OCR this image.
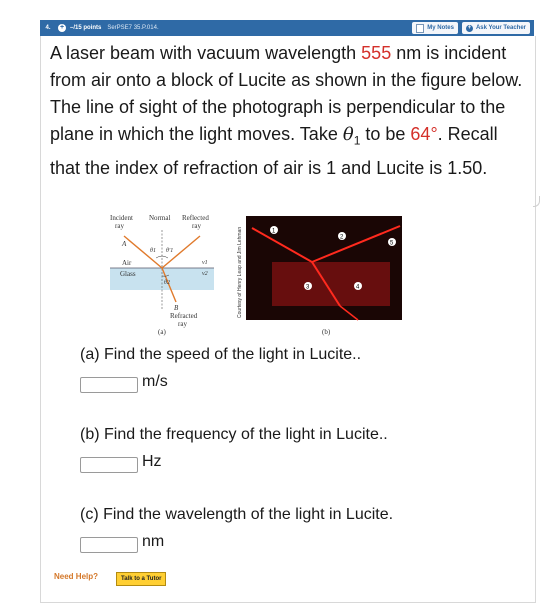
4.	+ –/15 points SerPSE7 35.P.014.	My Notes + Ask Your Teacher

A laser beam with vacuum wavelength 555 nm is incident from air onto a block of Lucite as shown in the figure below. The line of sight of the photograph is perpendicular to the plane in which the light moves. Take $\theta_1$ to be 64°. Recall that the index of refraction of air is 1 and Lucite is 1.50.

Incident
ray
Normal Reflected
ray
A
θ1 θ′1
v1
v2
Air
Glass
θ2
B
Refracted
ray
(a)
1
2
3	4
5
(b)
Courtesy of Henry Leap and Jim Lehman
(a) Find the speed of the light in Lucite..
m/s
(b) Find the frequency of the light in Lucite..
Hz
(c) Find the wavelength of the light in Lucite.
nm
Need Help?	Talk to a Tutor
